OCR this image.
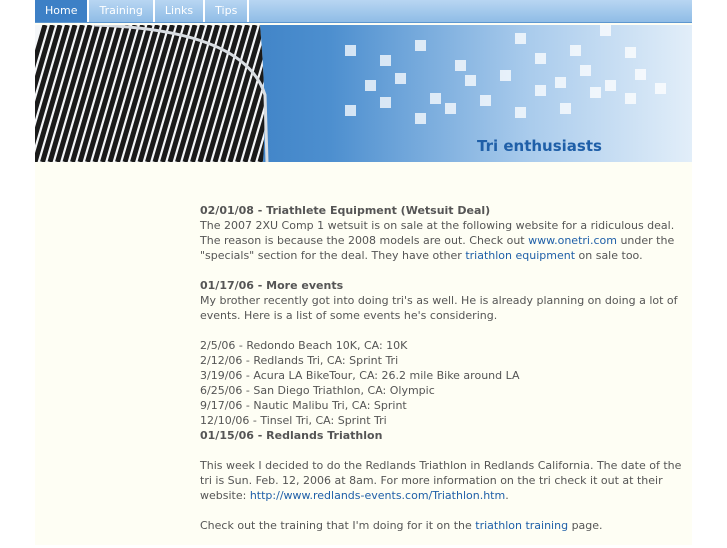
Home	Training	Links	Tips
Tri enthusiasts

02/01/08 - Triathlete Equipment (Wetsuit Deal)
The 2007 2XU Comp 1 wetsuit is on sale at the following website for a ridiculous deal. The reason is because the 2008 models are out. Check out www.onetri.com under the "specials" section for the deal. They have other triathlon equipment on sale too.

01/17/06 - More events
My brother recently got into doing tri's as well. He is already planning on doing a lot of events. Here is a list of some events he's considering.

2/5/06 - Redondo Beach 10K, CA: 10K
2/12/06 - Redlands Tri, CA: Sprint Tri
3/19/06 - Acura LA BikeTour, CA: 26.2 mile Bike around LA
6/25/06 - San Diego Triathlon, CA: Olympic
9/17/06 - Nautic Malibu Tri, CA: Sprint
12/10/06 - Tinsel Tri, CA: Sprint Tri
01/15/06 - Redlands Triathlon

This week I decided to do the Redlands Triathlon in Redlands California. The date of the tri is Sun. Feb. 12, 2006 at 8am. For more information on the tri check it out at their website: http://www.redlands-events.com/Triathlon.htm.

Check out the training that I'm doing for it on the triathlon training page.
